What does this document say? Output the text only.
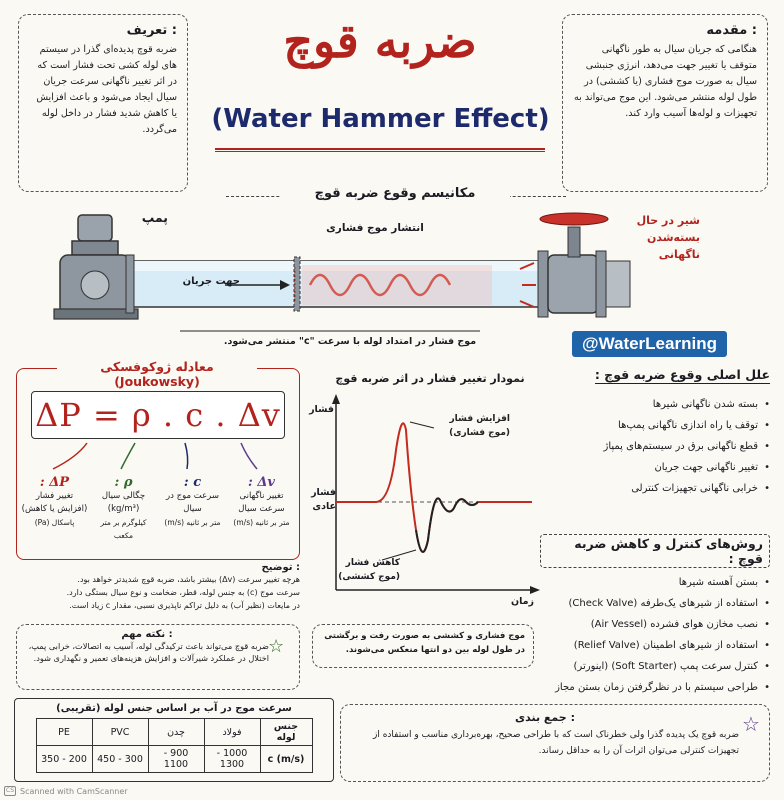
: تعریف
ضربه قوچ پدیده‌ای گذرا در سیستم های لوله کشی تحت فشار است که در اثر تغییر ناگهانی سرعت جریان سیال ایجاد می‌شود و باعث افزایش یا کاهش شدید فشار در داخل لوله می‌گردد.
ضربه قوچ
(Water Hammer Effect)
: مقدمه
هنگامی که جریان سیال به طور ناگهانی متوقف یا تغییر جهت می‌دهد، انرژی جنبشی سیال به صورت موج فشاری (یا کششی) در طول لوله منتشر می‌شود. این موج می‌تواند به تجهیزات و لوله‌ها آسیب وارد کند.
مکانیسم وقوع ضربه قوچ
پمپ	شیر در حال بسته‌شدن ناگهانی
انتشار موج فشاری
جهت جریان
موج فشار در امتداد لوله با سرعت "c" منتشر می‌شود.	@WaterLearning
معادله ژوکوفسکی (Joukowsky)
ΔP = ρ . c . Δv
ΔP :
تغییر فشار (افزایش یا کاهش)
پاسکال (Pa)
ρ :
چگالی سیال (kg/m³)
کیلوگرم بر متر مکعب
c :
سرعت موج در سیال
متر بر ثانیه (m/s)
Δv :
تغییر ناگهانی سرعت سیال
متر بر ثانیه (m/s)
: توضیح
هرچه تغییر سرعت (Δv) بیشتر باشد، ضربه قوچ شدیدتر خواهد بود.
سرعت موج (c) به جنس لوله، قطر، ضخامت و نوع سیال بستگی دارد.
در مایعات (نظیر آب) به دلیل تراکم ناپذیری نسبی، مقدار c زیاد است.
: نکته مهم
ضربه قوچ می‌تواند باعث ترکیدگی لوله، آسیب به اتصالات، خرابی پمپ، اختلال در عملکرد شیرآلات و افزایش هزینه‌های تعمیر و نگهداری شود.
☆
نمودار تغییر فشار در اثر ضربه قوچ
فشار
فشار عادی
افزایش فشار (موج فشاری)
کاهش فشار (موج کششی)
زمان
موج فشاری و کششی به صورت رفت و برگشتی در طول لوله بین دو انتها منعکس می‌شوند.
علل اصلی وقوع ضربه قوچ :
• بسته شدن ناگهانی شیرها
• توقف یا راه اندازی ناگهانی پمپ‌ها
• قطع ناگهانی برق در سیستم‌های پمپاژ
• تغییر ناگهانی جهت جریان
• خرابی ناگهانی تجهیزات کنترلی
روش‌های کنترل و کاهش ضربه قوچ :
• بستن آهسته شیرها
• استفاده از شیرهای یک‌طرفه (Check Valve)
• نصب مخازن هوای فشرده (Air Vessel)
• استفاده از شیرهای اطمینان (Relief Valve)
• کنترل سرعت پمپ (Soft Starter) (اینورتر)
• طراحی سیستم با در نظرگرفتن زمان بستن مجاز
سرعت موج در آب بر اساس جنس لوله (تقریبی)
جنس لوله	فولاد	چدن	PVC	PE
c (m/s)	1000 - 1300	900 - 1100	300 - 450	200 - 350
: جمع بندی
ضربه قوچ یک پدیده گذرا ولی خطرناک است که با طراحی صحیح، بهره‌برداری مناسب و استفاده از تجهیزات کنترلی می‌توان اثرات آن را به حداقل رساند.
☆
CS Scanned with CamScanner
